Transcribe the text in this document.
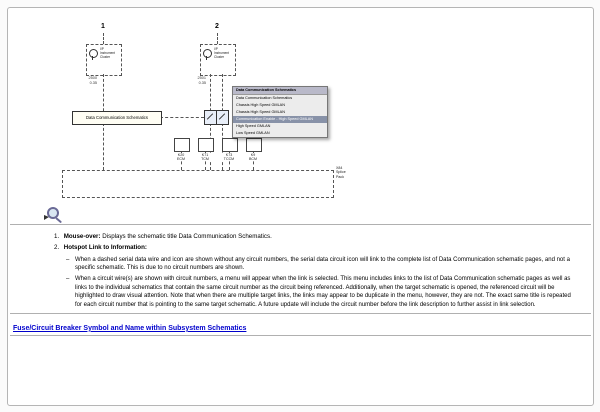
1	2
I/P
Instrument
Cluster
I/P
Instrument
Cluster
2500
0.35
2501
0.35
Data Communication Schematics
Data Communication Schematics
Data Communication Schematics
Chassis High Speed GMLAN
Chassis High Speed GMLAN
Communication Enable - High Speed GMLAN
High Speed GMLAN
Low Speed GMLAN
K20
ECM
K71
TCM
K73
TCCM
K9
BCM
X84
Splice
Pack
1. Mouse-over: Displays the schematic title Data Communication Schematics.
2. Hotspot Link to Information:
– When a dashed serial data wire and icon are shown without any circuit numbers, the serial data circuit icon will link to the complete list of Data Communication schematic pages, and not a specific schematic. This is due to no circuit numbers are shown.
– When a circuit wire(s) are shown with circuit numbers, a menu will appear when the link is selected. This menu includes links to the list of Data Communication schematic pages as well as links to the individual schematics that contain the same circuit number as the circuit being referenced. Additionally, when the target schematic is opened, the referenced circuit will be highlighted to draw visual attention. Note that when there are multiple target links, the links may appear to be duplicate in the menu, however, they are not. The exact same title is repeated for each circuit number that is pointing to the same target schematic. A future update will include the circuit number before the link description to further assist in link selection.
Fuse/Circuit Breaker Symbol and Name within Subsystem Schematics
